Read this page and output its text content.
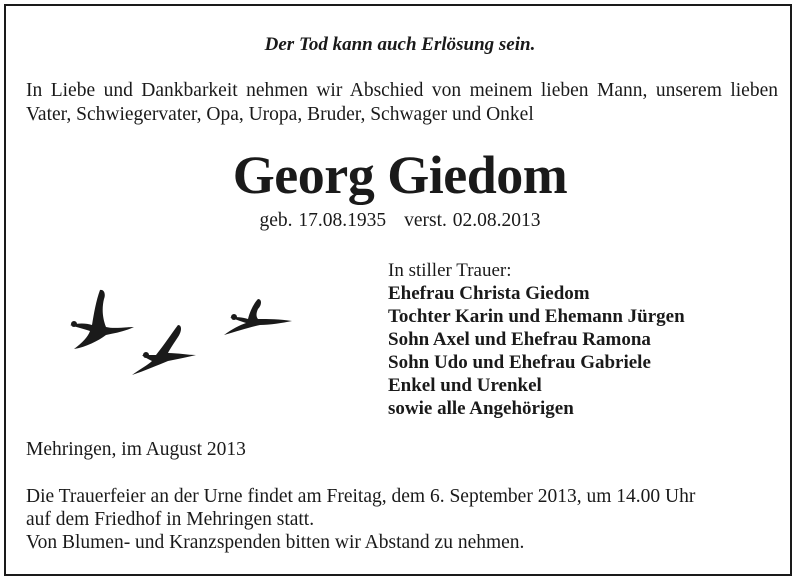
Der Tod kann auch Erlösung sein.
In Liebe und Dankbarkeit nehmen wir Abschied von meinem lieben Mann, unserem lieben Vater, Schwiegervater, Opa, Uropa, Bruder, Schwager und Onkel
Georg Giedom
geb. 17.08.1935 verst. 02.08.2013
In stiller Trauer:
Ehefrau Christa Giedom
Tochter Karin und Ehemann Jürgen
Sohn Axel und Ehefrau Ramona
Sohn Udo und Ehefrau Gabriele
Enkel und Urenkel
sowie alle Angehörigen
Mehringen, im August 2013
Die Trauerfeier an der Urne findet am Freitag, dem 6. September 2013, um 14.00 Uhr
auf dem Friedhof in Mehringen statt.
Von Blumen- und Kranzspenden bitten wir Abstand zu nehmen.
